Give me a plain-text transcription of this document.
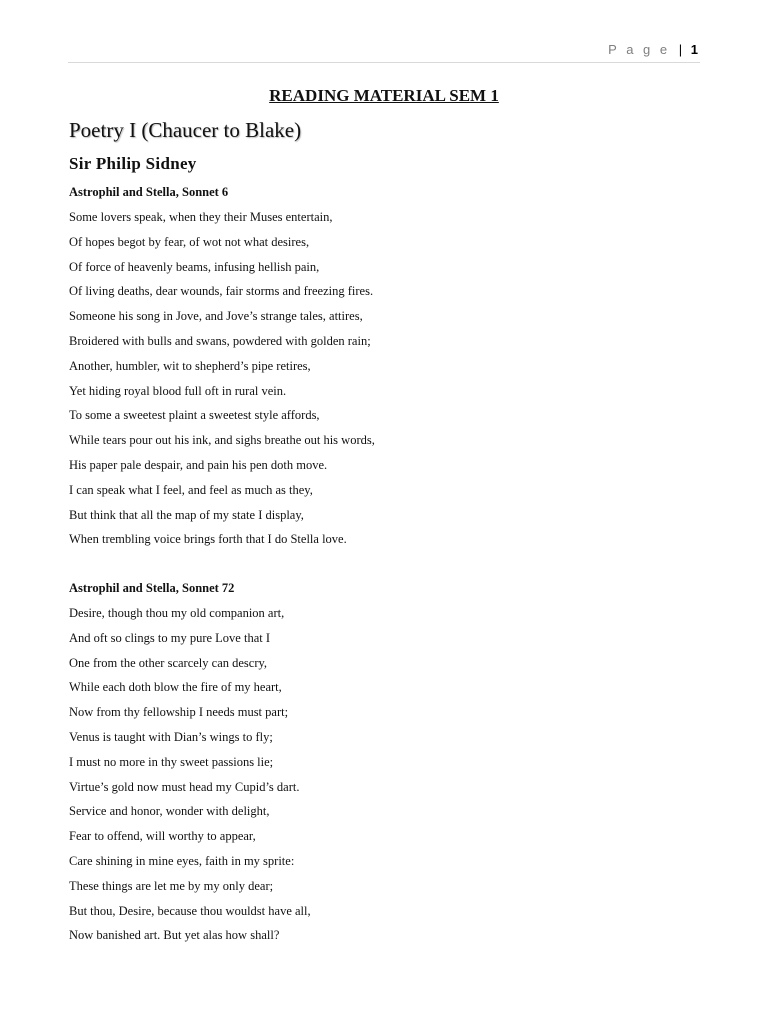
P a g e | 1
READING MATERIAL SEM 1
Poetry I (Chaucer to Blake)
Sir Philip Sidney
Astrophil and Stella, Sonnet 6
Some lovers speak, when they their Muses entertain,
Of hopes begot by fear, of wot not what desires,
Of force of heavenly beams, infusing hellish pain,
Of living deaths, dear wounds, fair storms and freezing fires.
Someone his song in Jove, and Jove’s strange tales, attires,
Broidered with bulls and swans, powdered with golden rain;
Another, humbler, wit to shepherd’s pipe retires,
Yet hiding royal blood full oft in rural vein.
To some a sweetest plaint a sweetest style affords,
While tears pour out his ink, and sighs breathe out his words,
His paper pale despair, and pain his pen doth move.
I can speak what I feel, and feel as much as they,
But think that all the map of my state I display,
When trembling voice brings forth that I do Stella love.
Astrophil and Stella, Sonnet 72
Desire, though thou my old companion art,
And oft so clings to my pure Love that I
One from the other scarcely can descry,
While each doth blow the fire of my heart,
Now from thy fellowship I needs must part;
Venus is taught with Dian’s wings to fly;
I must no more in thy sweet passions lie;
Virtue’s gold now must head my Cupid’s dart.
Service and honor, wonder with delight,
Fear to offend, will worthy to appear,
Care shining in mine eyes, faith in my sprite:
These things are let me by my only dear;
But thou, Desire, because thou wouldst have all,
Now banished art. But yet alas how shall?
